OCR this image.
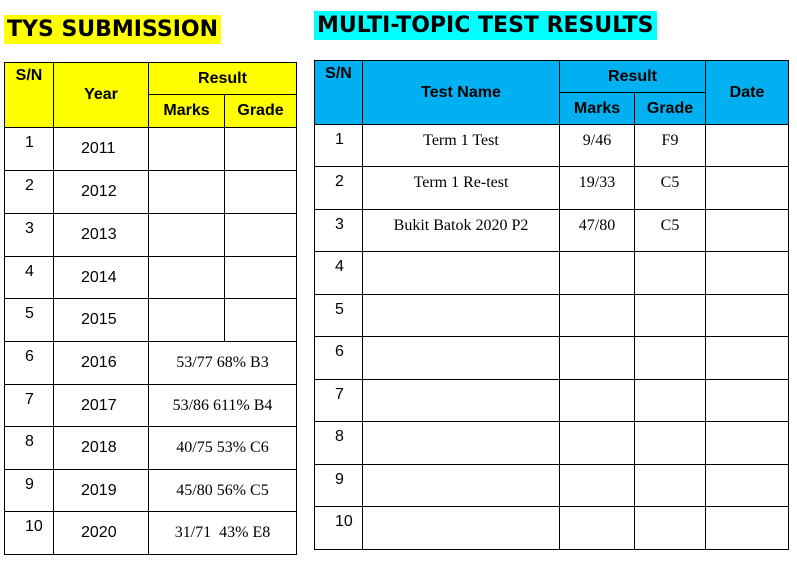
TYS SUBMISSION	MULTI-TOPIC TEST RESULTS
S/N	Year	Result	
		Marks	Grade
1	2011		
2	2012		
3	2013		
4	2014		
5	2015		
6	2016	53/77 68% B3	
7	2017	53/86 611% B4	
8	2018	40/75 53% C6	
9	2019	45/80 56% C5	
10	2020	31/71  43% E8	
S/N	Test Name	Result		Date
		Marks	Grade	
1	Term 1 Test	9/46	F9	
2	Term 1 Re-test	19/33	C5	
3	Bukit Batok 2020 P2	47/80	C5	
4				
5				
6				
7				
8				
9				
10				
